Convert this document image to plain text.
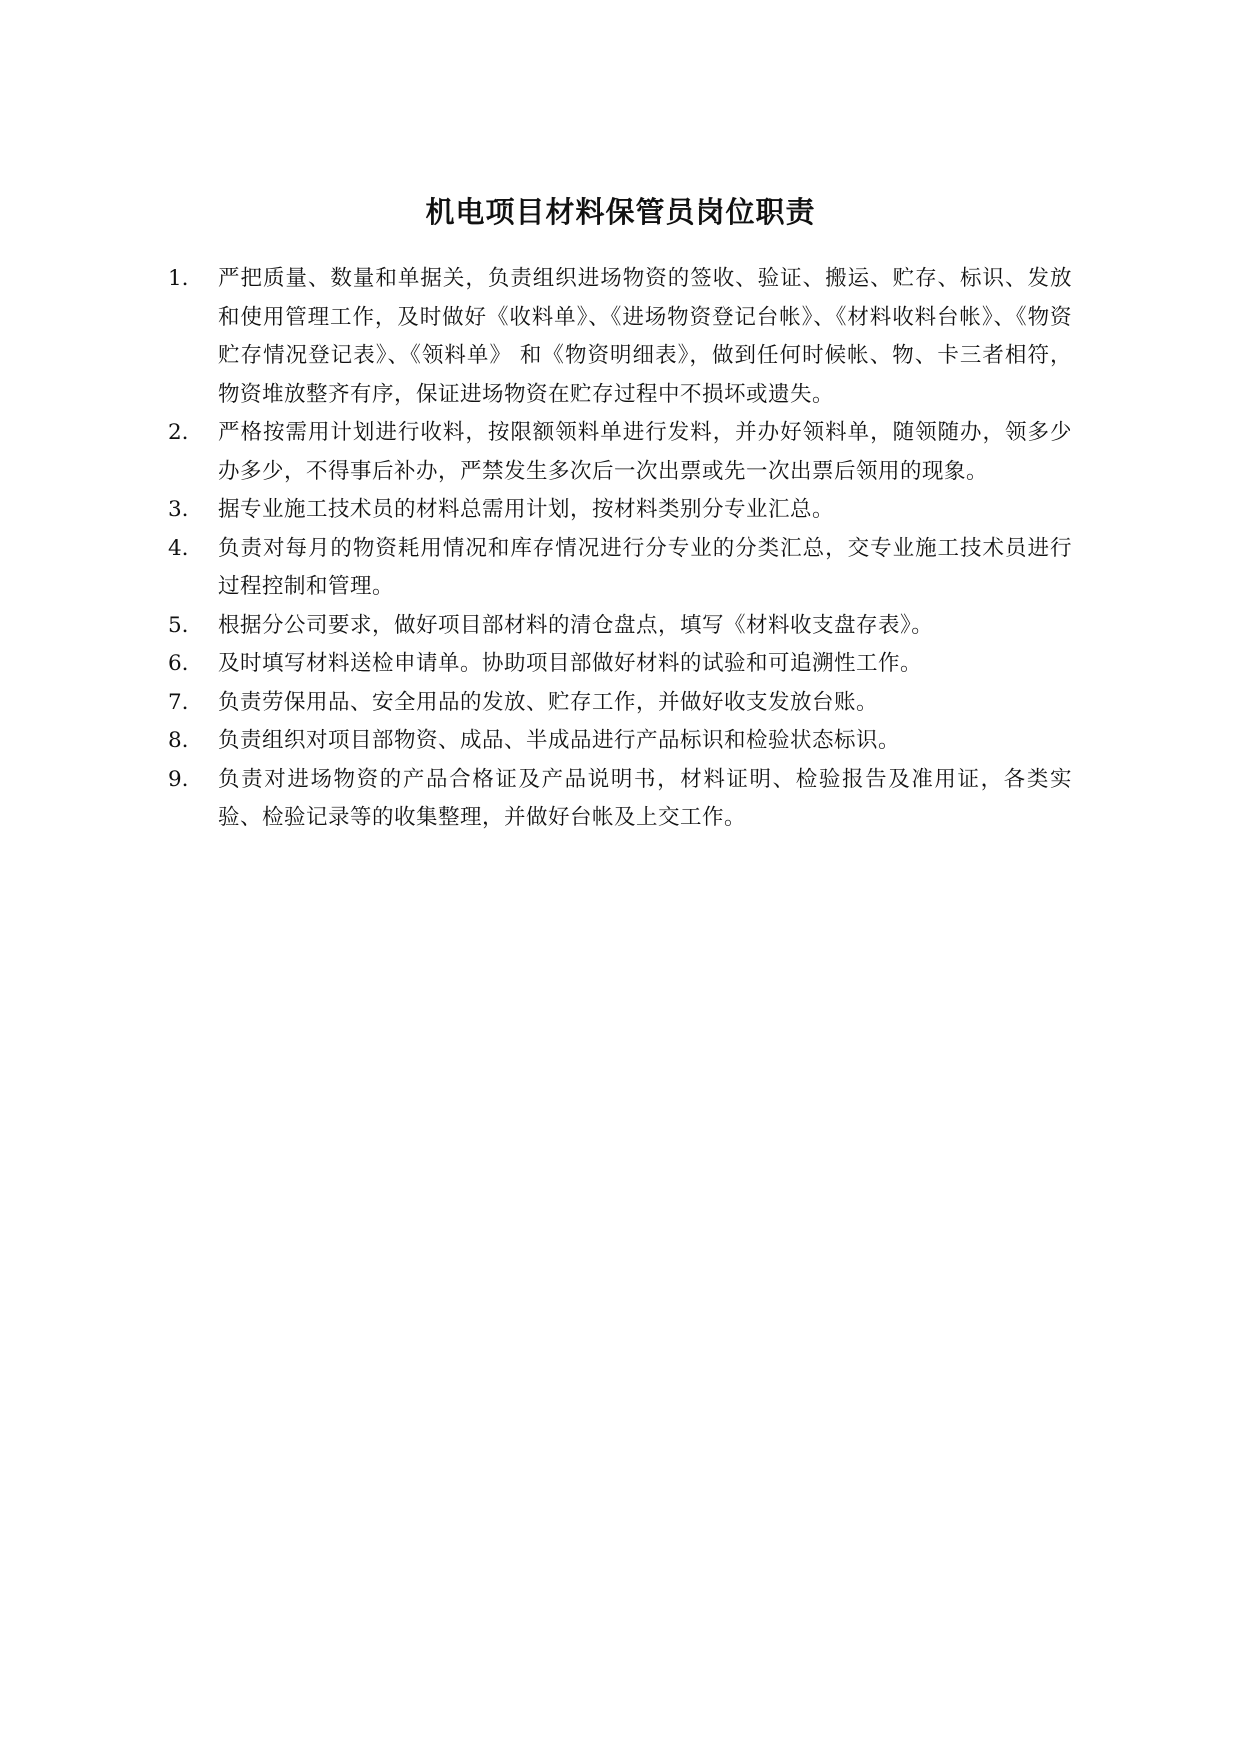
机电项目材料保管员岗位职责
1.	严把质量、数量和单据关，负责组织进场物资的签收、验证、搬运、贮存、标识、发放和使用管理工作，及时做好《收料单》、《进场物资登记台帐》、《材料收料台帐》、《物资贮存情况登记表》、《领料单》 和《物资明细表》，做到任何时候帐、物、卡三者相符，物资堆放整齐有序，保证进场物资在贮存过程中不损坏或遗失。
2.	严格按需用计划进行收料，按限额领料单进行发料，并办好领料单，随领随办，领多少办多少，不得事后补办，严禁发生多次后一次出票或先一次出票后领用的现象。
3.	据专业施工技术员的材料总需用计划，按材料类别分专业汇总。
4.	负责对每月的物资耗用情况和库存情况进行分专业的分类汇总，交专业施工技术员进行过程控制和管理。
5.	根据分公司要求，做好项目部材料的清仓盘点，填写《材料收支盘存表》。
6.	及时填写材料送检申请单。协助项目部做好材料的试验和可追溯性工作。
7.	负责劳保用品、安全用品的发放、贮存工作，并做好收支发放台账。
8.	负责组织对项目部物资、成品、半成品进行产品标识和检验状态标识。
9.	负责对进场物资的产品合格证及产品说明书，材料证明、检验报告及准用证，各类实验、检验记录等的收集整理，并做好台帐及上交工作。
